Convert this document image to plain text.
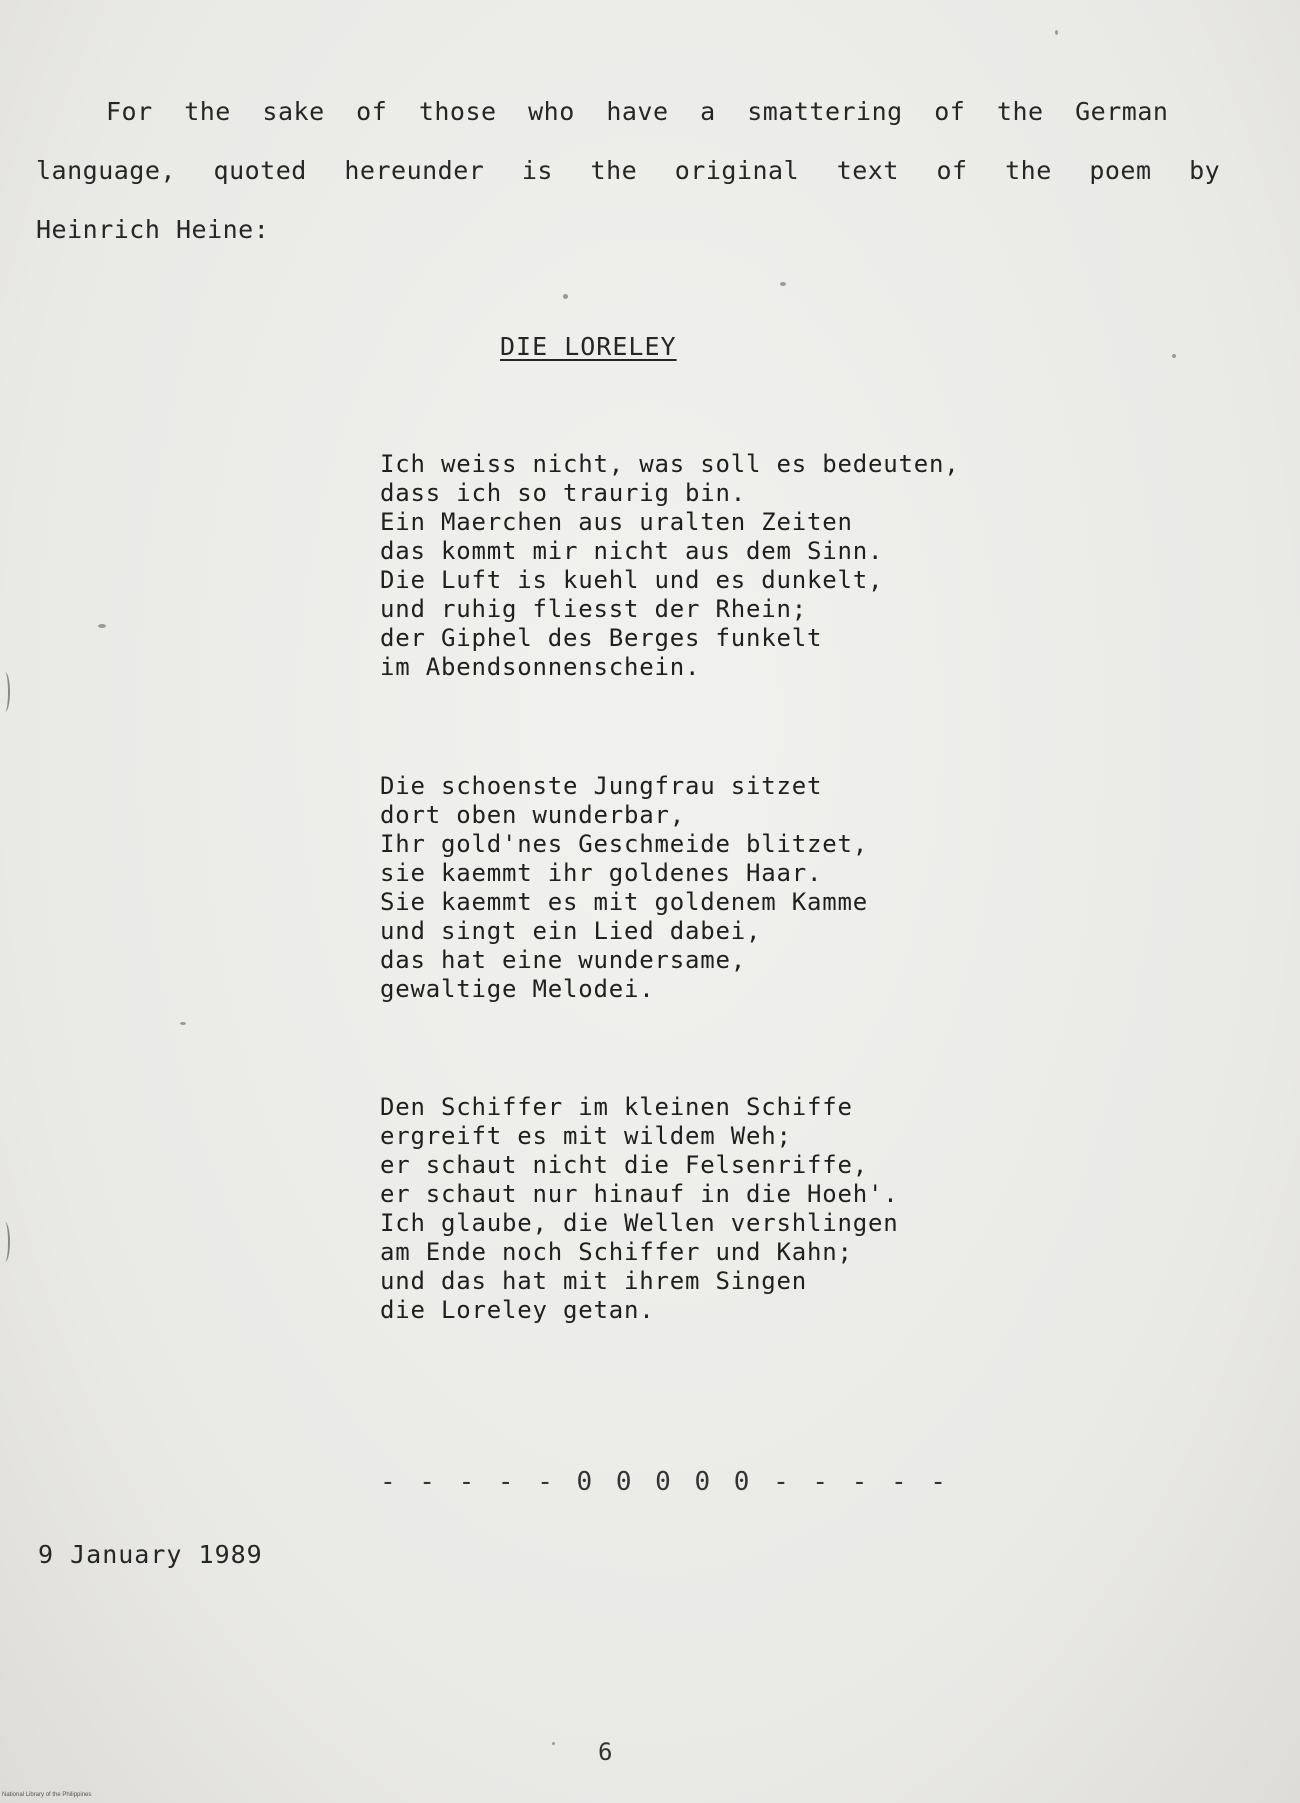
For the sake of those who have a smattering of the German
language, quoted hereunder is the original text of the poem by
Heinrich Heine:
DIE LORELEY
Ich weiss nicht, was soll es bedeuten,
dass ich so traurig bin.
Ein Maerchen aus uralten Zeiten
das kommt mir nicht aus dem Sinn.
Die Luft is kuehl und es dunkelt,
und ruhig fliesst der Rhein;
der Giphel des Berges funkelt
im Abendsonnenschein.
Die schoenste Jungfrau sitzet
dort oben wunderbar,
Ihr gold'nes Geschmeide blitzet,
sie kaemmt ihr goldenes Haar.
Sie kaemmt es mit goldenem Kamme
und singt ein Lied dabei,
das hat eine wundersame,
gewaltige Melodei.
Den Schiffer im kleinen Schiffe
ergreift es mit wildem Weh;
er schaut nicht die Felsenriffe,
er schaut nur hinauf in die Hoeh'.
Ich glaube, die Wellen vershlingen
am Ende noch Schiffer und Kahn;
und das hat mit ihrem Singen
die Loreley getan.
- - - - - 0 0 0 0 0 - - - - -
9 January 1989
6
National Library of the Philippines
